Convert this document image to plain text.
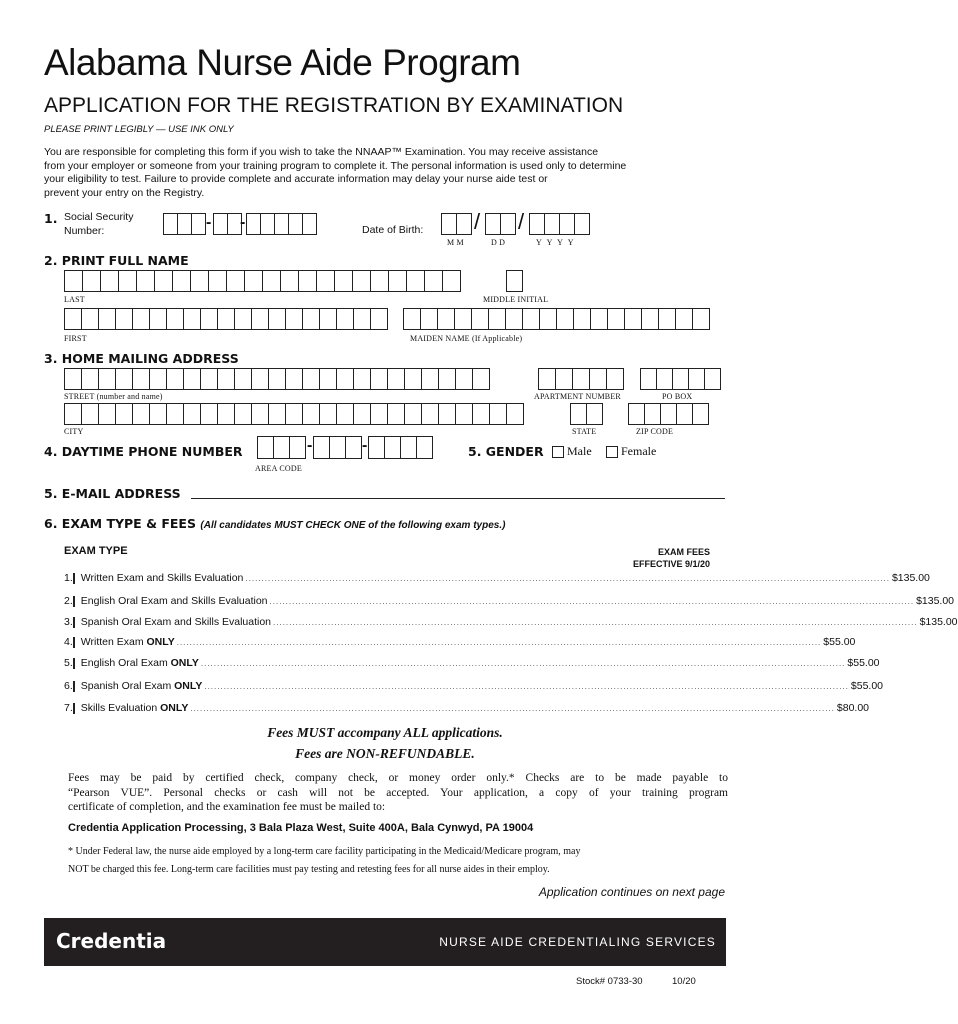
Alabama Nurse Aide Program
APPLICATION FOR THE REGISTRATION BY EXAMINATION
PLEASE PRINT LEGIBLY — USE INK ONLY
You are responsible for completing this form if you wish to take the NNAAP™ Examination. You may receive assistance
from your employer or someone from your training program to complete it. The personal information is used only to determine
your eligibility to test. Failure to provide complete and accurate information may delay your nurse aide test or
prevent your entry on the Registry.
1. Social Security
Number:	- -	Date of Birth: / /
M M	D D	Y Y Y Y
2. PRINT FULL NAME
LAST	MIDDLE INITIAL
FIRST	MAIDEN NAME (If Applicable)
3. HOME MAILING ADDRESS
STREET (number and name)	APARTMENT NUMBER	PO BOX
CITY	STATE	ZIP CODE
4. DAYTIME PHONE NUMBER	-	-
AREA CODE
5. GENDER	Male	Female
5. E-MAIL ADDRESS
6. EXAM TYPE & FEES (All candidates MUST CHECK ONE of the following exam types.)
EXAM TYPE	EXAM FEES
EFFECTIVE 9/1/20
1. Written Exam and Skills Evaluation ........................................................................................................................................................................................................ $135.00
2. English Oral Exam and Skills Evaluation ........................................................................................................................................................................................................ $135.00
3. Spanish Oral Exam and Skills Evaluation ........................................................................................................................................................................................................ $135.00
4. Written Exam ONLY ........................................................................................................................................................................................................ $55.00
5. English Oral Exam ONLY ........................................................................................................................................................................................................ $55.00
6. Spanish Oral Exam ONLY ........................................................................................................................................................................................................ $55.00
7. Skills Evaluation ONLY ........................................................................................................................................................................................................ $80.00
Fees MUST accompany ALL applications.
Fees are NON-REFUNDABLE.
Fees may be paid by certified check, company check, or money order only.* Checks are to be made payable to
“Pearson VUE”. Personal checks or cash will not be accepted. Your application, a copy of your training program
certificate of completion, and the examination fee must be mailed to:
Credentia Application Processing, 3 Bala Plaza West, Suite 400A, Bala Cynwyd, PA 19004
* Under Federal law, the nurse aide employed by a long-term care facility participating in the Medicaid/Medicare program, may
NOT be charged this fee. Long-term care facilities must pay testing and retesting fees for all nurse aides in their employ.
Application continues on next page
Credentia	NURSE AIDE CREDENTIALING SERVICES
Stock# 0733-30	10/20
